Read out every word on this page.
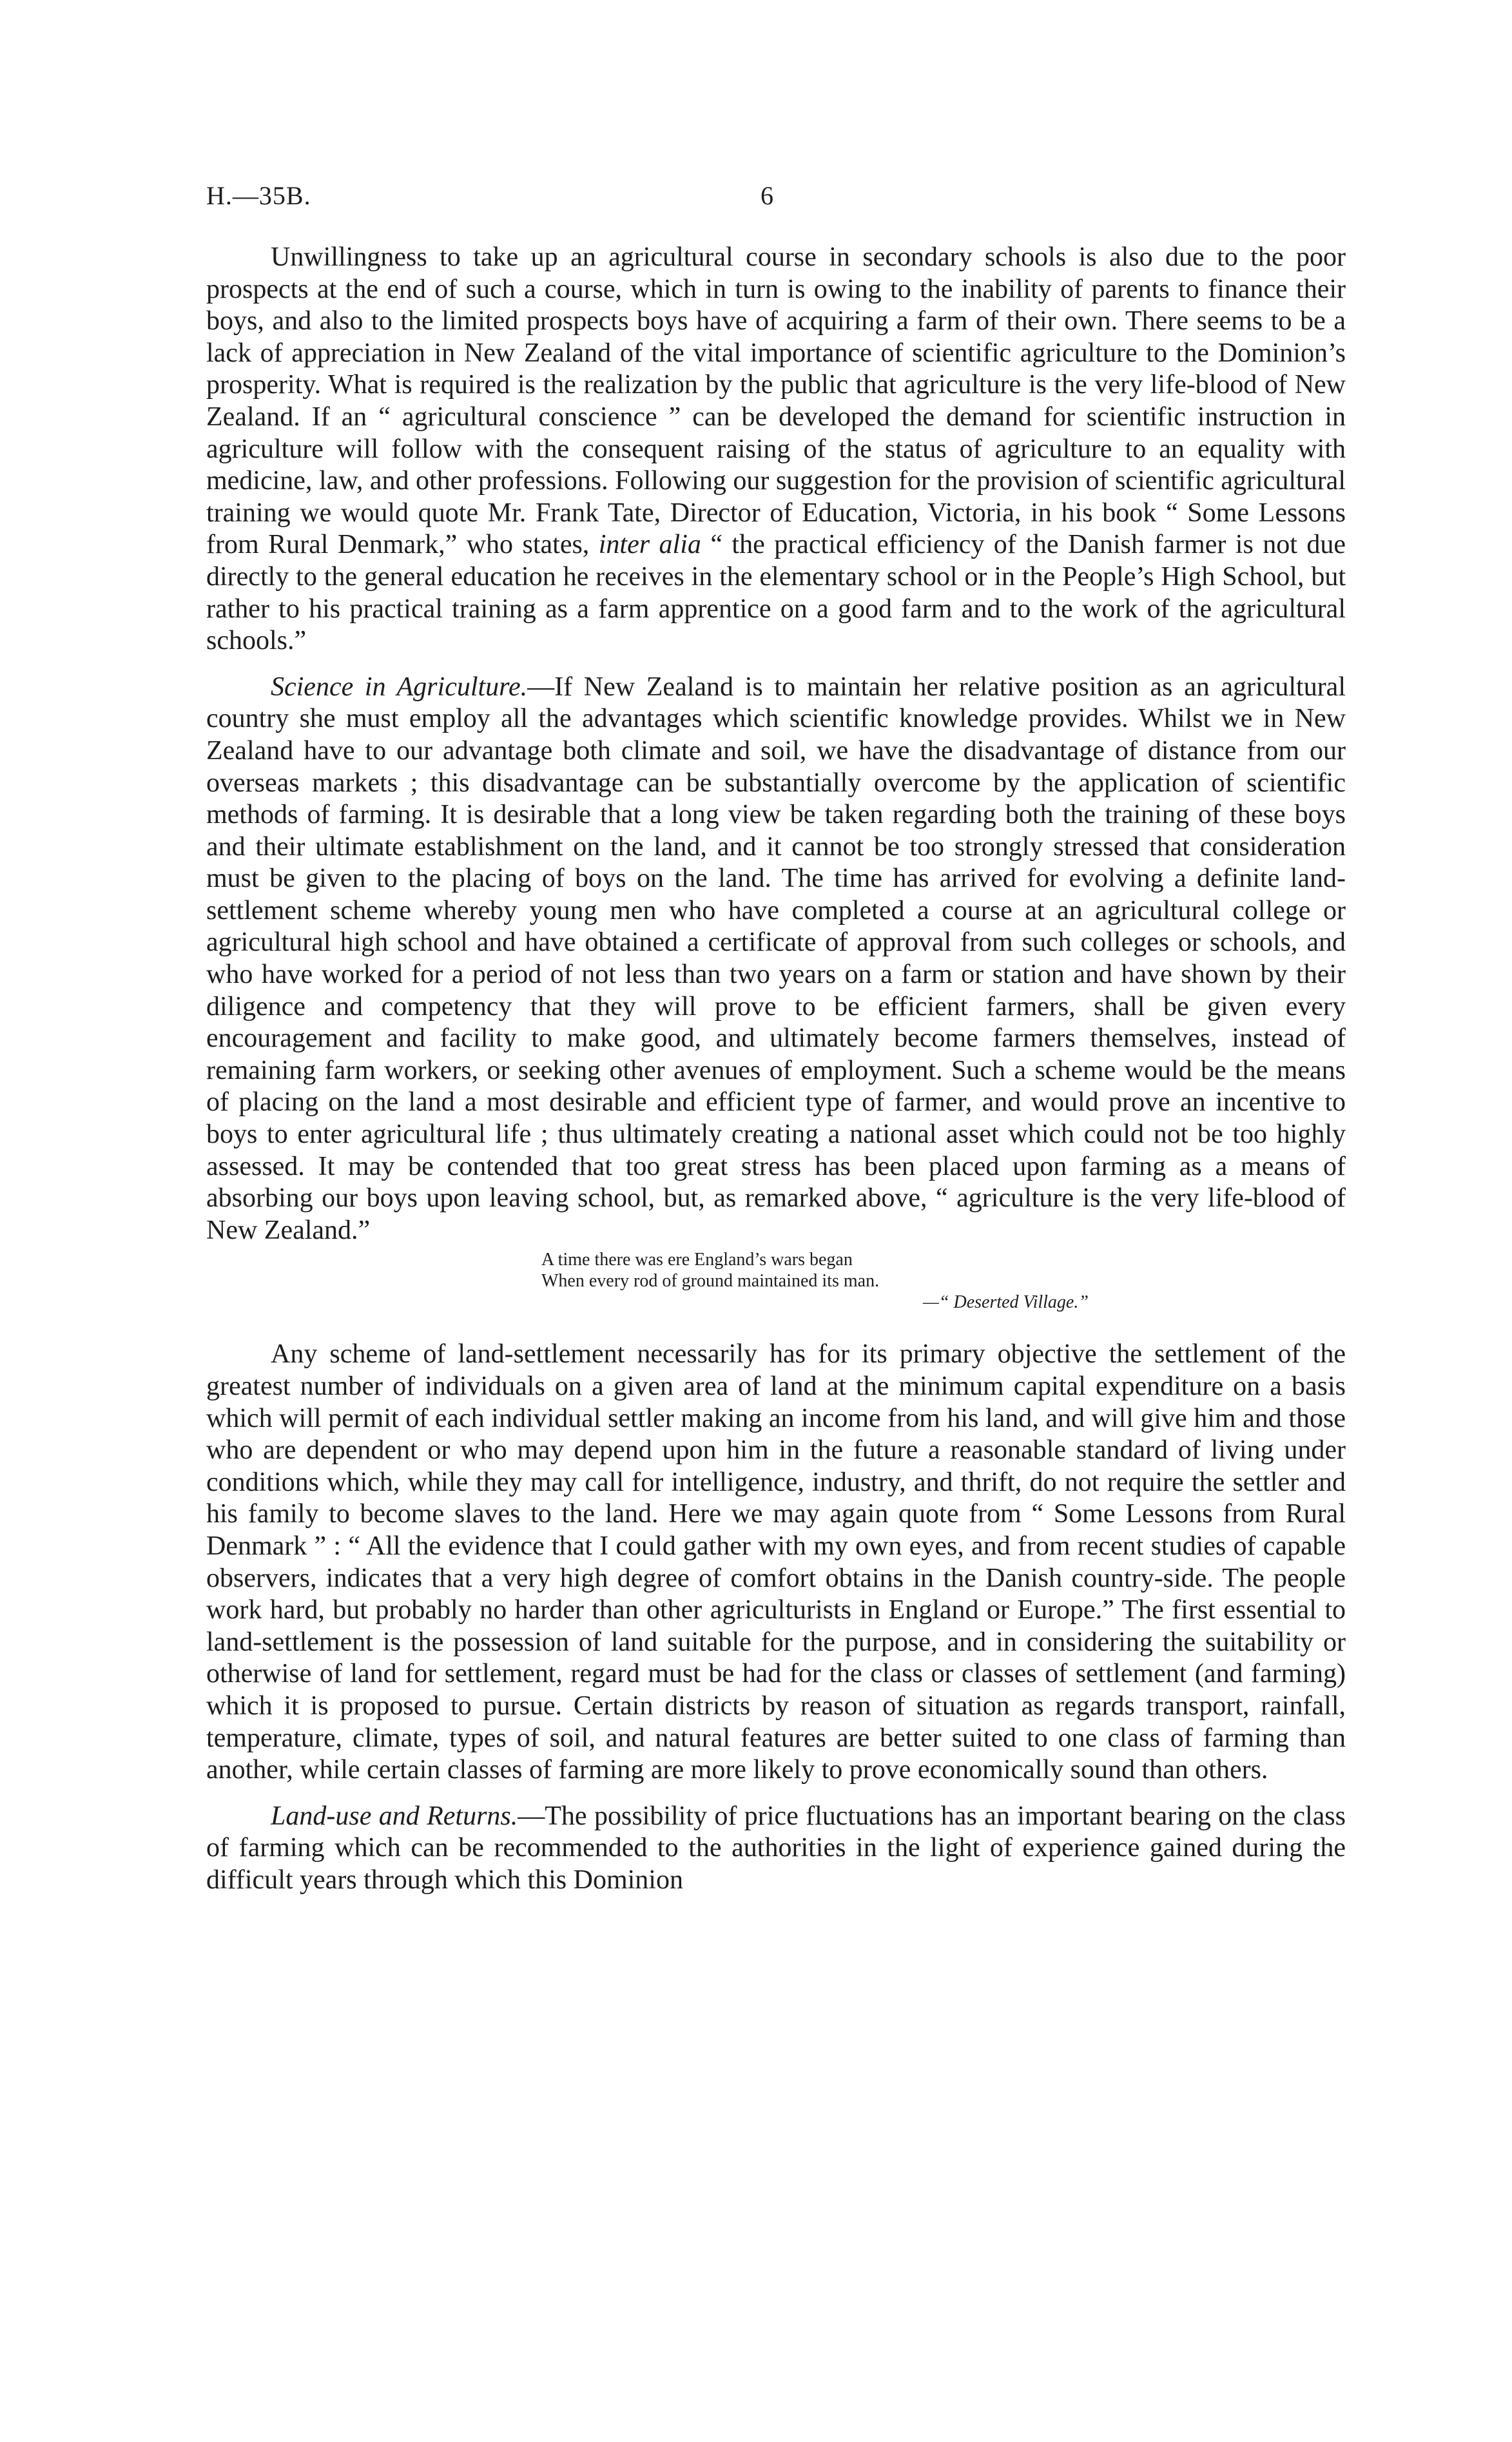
H.—35B.	6

Unwillingness to take up an agricultural course in secondary schools is also due to the poor prospects at the end of such a course, which in turn is owing to the inability of parents to finance their boys, and also to the limited prospects boys have of acquiring a farm of their own. There seems to be a lack of appreciation in New Zealand of the vital importance of scientific agriculture to the Dominion’s prosperity. What is required is the realization by the public that agriculture is the very life-blood of New Zealand. If an “ agricultural conscience ” can be developed the demand for scientific instruction in agriculture will follow with the consequent raising of the status of agriculture to an equality with medicine, law, and other professions. Following our suggestion for the provision of scientific agricultural training we would quote Mr. Frank Tate, Director of Education, Victoria, in his book “ Some Lessons from Rural Denmark,” who states, inter alia “ the practical efficiency of the Danish farmer is not due directly to the general education he receives in the elementary school or in the People’s High School, but rather to his practical training as a farm apprentice on a good farm and to the work of the agricultural schools.”

Science in Agriculture.—If New Zealand is to maintain her relative position as an agricultural country she must employ all the advantages which scientific knowledge provides. Whilst we in New Zealand have to our advantage both climate and soil, we have the disadvantage of distance from our overseas markets ; this disadvantage can be substantially overcome by the application of scientific methods of farming. It is desirable that a long view be taken regarding both the training of these boys and their ultimate establishment on the land, and it cannot be too strongly stressed that consideration must be given to the placing of boys on the land. The time has arrived for evolving a definite land-settlement scheme whereby young men who have completed a course at an agricultural college or agricultural high school and have obtained a certificate of approval from such colleges or schools, and who have worked for a period of not less than two years on a farm or station and have shown by their diligence and competency that they will prove to be efficient farmers, shall be given every encouragement and facility to make good, and ultimately become farmers themselves, instead of remaining farm workers, or seeking other avenues of employment. Such a scheme would be the means of placing on the land a most desirable and efficient type of farmer, and would prove an incentive to boys to enter agricultural life ; thus ultimately creating a national asset which could not be too highly assessed. It may be contended that too great stress has been placed upon farming as a means of absorbing our boys upon leaving school, but, as remarked above, “ agriculture is the very life-blood of New Zealand.”

A time there was ere England’s wars began
When every rod of ground maintained its man.
—“ Deserted Village.”

Any scheme of land-settlement necessarily has for its primary objective the settlement of the greatest number of individuals on a given area of land at the minimum capital expenditure on a basis which will permit of each individual settler making an income from his land, and will give him and those who are dependent or who may depend upon him in the future a reasonable standard of living under conditions which, while they may call for intelligence, industry, and thrift, do not require the settler and his family to become slaves to the land. Here we may again quote from “ Some Lessons from Rural Denmark ” : “ All the evidence that I could gather with my own eyes, and from recent studies of capable observers, indicates that a very high degree of comfort obtains in the Danish country-side. The people work hard, but probably no harder than other agriculturists in England or Europe.” The first essential to land-settlement is the possession of land suitable for the purpose, and in considering the suitability or otherwise of land for settlement, regard must be had for the class or classes of settlement (and farming) which it is proposed to pursue. Certain districts by reason of situation as regards transport, rainfall, temperature, climate, types of soil, and natural features are better suited to one class of farming than another, while certain classes of farming are more likely to prove economically sound than others.

Land-use and Returns.—The possibility of price fluctuations has an important bearing on the class of farming which can be recommended to the authorities in the light of experience gained during the difficult years through which this Dominion
